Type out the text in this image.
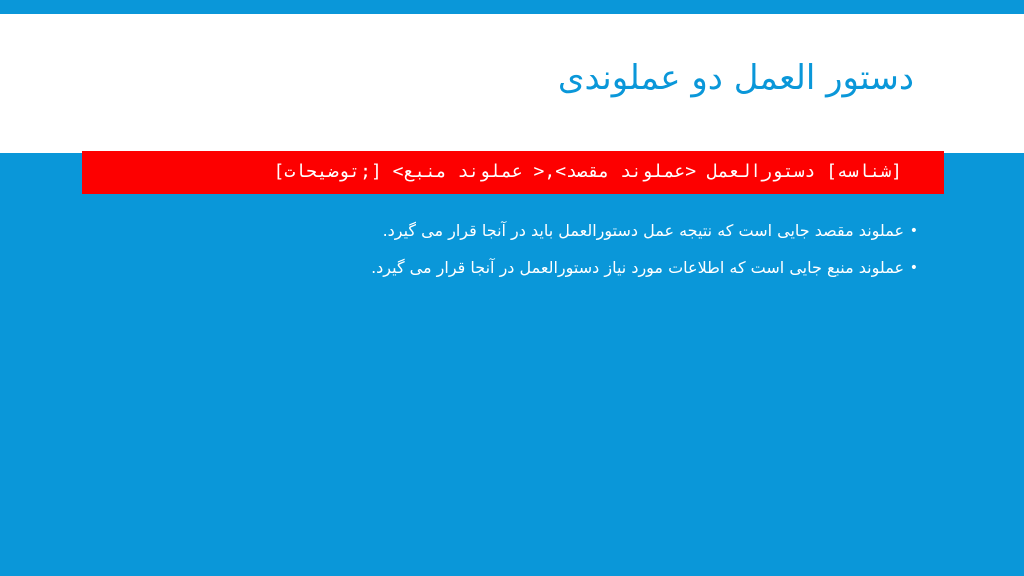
دستور العمل دو عملوندی

[شناسه] دستورالعمل <عملوند مقصد>,< عملوند منبع> [;توضیحات]

•
عملوند مقصد جایی است که نتیجه عمل دستورالعمل باید در آنجا قرار می گیرد.
•
عملوند منبع جایی است که اطلاعات مورد نیاز دستورالعمل در آنجا قرار می گیرد.
